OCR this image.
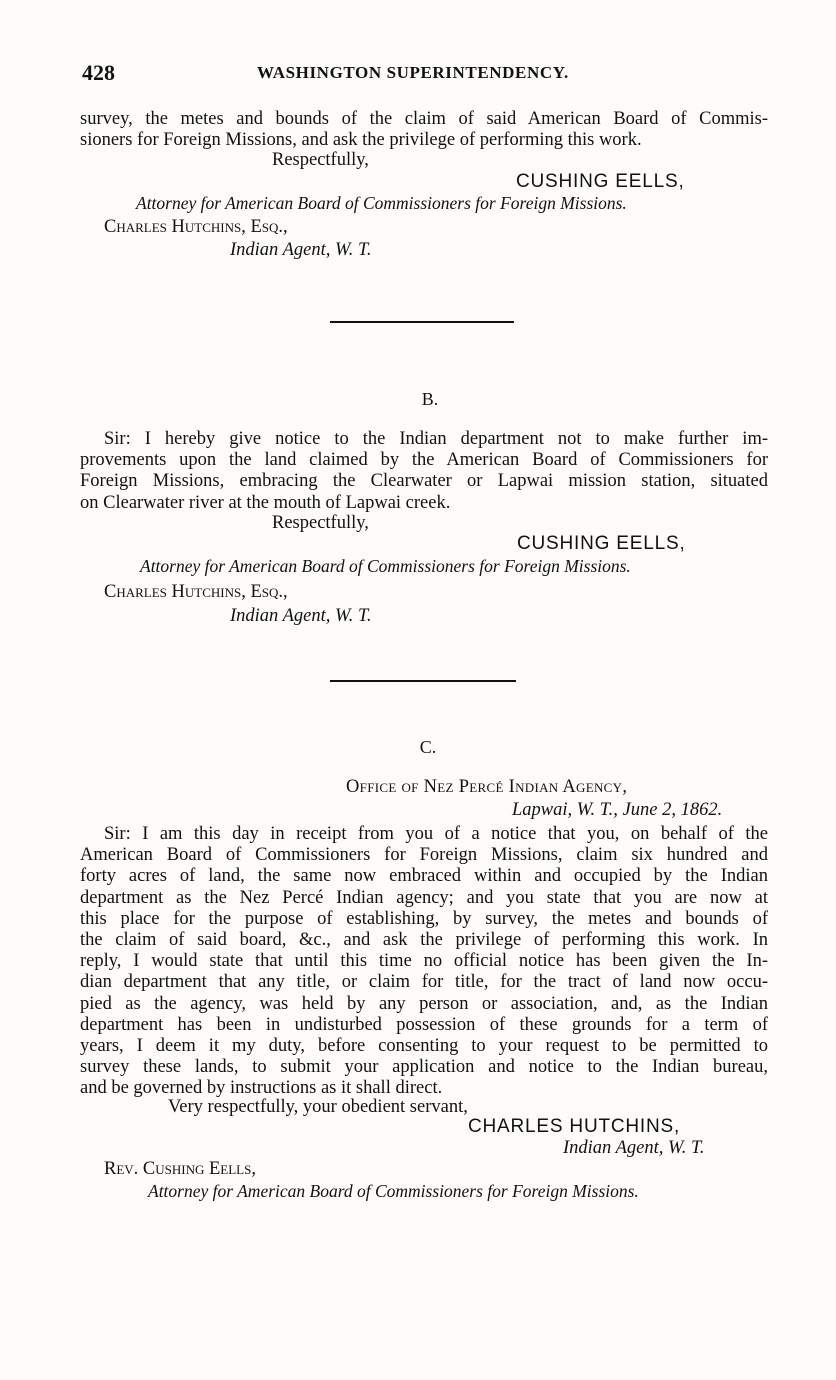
428	WASHINGTON SUPERINTENDENCY.
survey, the metes and bounds of the claim of said American Board of Commis-
sioners for Foreign Missions, and ask the privilege of performing this work.
Respectfully,
CUSHING EELLS,
Attorney for American Board of Commissioners for Foreign Missions.
Charles Hutchins, Esq.,
Indian Agent, W. T.
B.
Sir: I hereby give notice to the Indian department not to make further im-
provements upon the land claimed by the American Board of Commissioners for
Foreign Missions, embracing the Clearwater or Lapwai mission station, situated
on Clearwater river at the mouth of Lapwai creek.
Respectfully,
CUSHING EELLS,
Attorney for American Board of Commissioners for Foreign Missions.
Charles Hutchins, Esq.,
Indian Agent, W. T.
C.
Office of Nez Percé Indian Agency,
Lapwai, W. T., June 2, 1862.
Sir: I am this day in receipt from you of a notice that you, on behalf of the
American Board of Commissioners for Foreign Missions, claim six hundred and
forty acres of land, the same now embraced within and occupied by the Indian
department as the Nez Percé Indian agency; and you state that you are now at
this place for the purpose of establishing, by survey, the metes and bounds of
the claim of said board, &c., and ask the privilege of performing this work. In
reply, I would state that until this time no official notice has been given the In-
dian department that any title, or claim for title, for the tract of land now occu-
pied as the agency, was held by any person or association, and, as the Indian
department has been in undisturbed possession of these grounds for a term of
years, I deem it my duty, before consenting to your request to be permitted to
survey these lands, to submit your application and notice to the Indian bureau,
and be governed by instructions as it shall direct.
Very respectfully, your obedient servant,
CHARLES HUTCHINS,
Indian Agent, W. T.
Rev. Cushing Eells,
Attorney for American Board of Commissioners for Foreign Missions.
